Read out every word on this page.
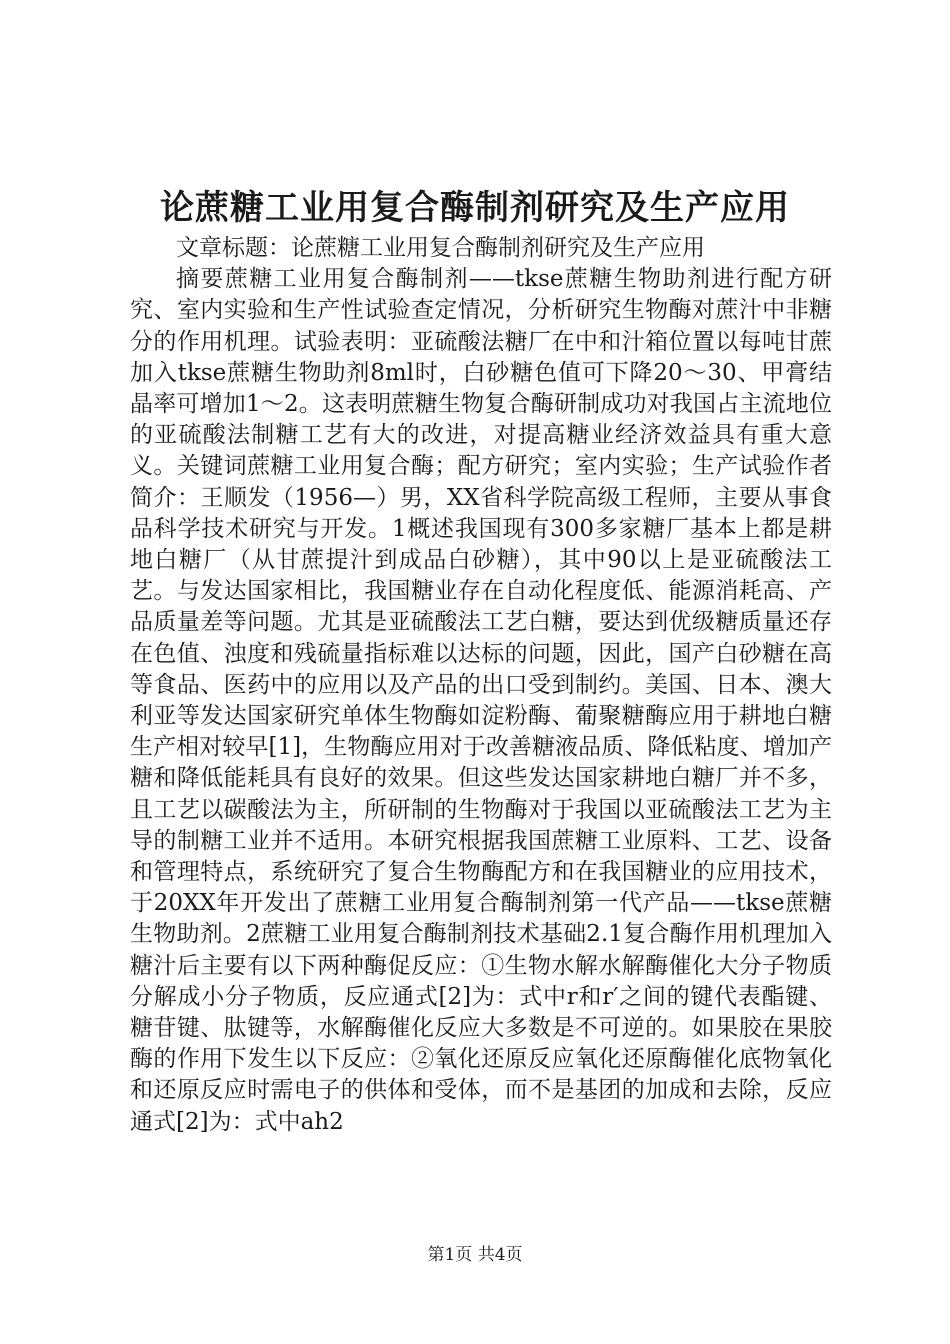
论蔗糖工业用复合酶制剂研究及生产应用

文章标题：论蔗糖工业用复合酶制剂研究及生产应用

摘要蔗糖工业用复合酶制剂——tkse蔗糖生物助剂进行配方研究、室内实验和生产性试验查定情况，分析研究生物酶对蔗汁中非糖分的作用机理。试验表明：亚硫酸法糖厂在中和汁箱位置以每吨甘蔗加入tkse蔗糖生物助剂8ml时，白砂糖色值可下降20～30、甲膏结晶率可增加1～2。这表明蔗糖生物复合酶研制成功对我国占主流地位的亚硫酸法制糖工艺有大的改进，对提高糖业经济效益具有重大意义。关键词蔗糖工业用复合酶；配方研究；室内实验；生产试验作者简介：王顺发（1956—）男，XX省科学院高级工程师，主要从事食品科学技术研究与开发。1概述我国现有300多家糖厂基本上都是耕地白糖厂（从甘蔗提汁到成品白砂糖），其中90以上是亚硫酸法工艺。与发达国家相比，我国糖业存在自动化程度低、能源消耗高、产品质量差等问题。尤其是亚硫酸法工艺白糖，要达到优级糖质量还存在色值、浊度和残硫量指标难以达标的问题，因此，国产白砂糖在高等食品、医药中的应用以及产品的出口受到制约。美国、日本、澳大利亚等发达国家研究单体生物酶如淀粉酶、葡聚糖酶应用于耕地白糖生产相对较早[1]，生物酶应用对于改善糖液品质、降低粘度、增加产糖和降低能耗具有良好的效果。但这些发达国家耕地白糖厂并不多，且工艺以碳酸法为主，所研制的生物酶对于我国以亚硫酸法工艺为主导的制糖工业并不适用。本研究根据我国蔗糖工业原料、工艺、设备和管理特点，系统研究了复合生物酶配方和在我国糖业的应用技术，于20XX年开发出了蔗糖工业用复合酶制剂第一代产品——tkse蔗糖生物助剂。2蔗糖工业用复合酶制剂技术基础2.1复合酶作用机理加入糖汁后主要有以下两种酶促反应：①生物水解水解酶催化大分子物质分解成小分子物质，反应通式[2]为：式中r和r′之间的键代表酯键、糖苷键、肽键等，水解酶催化反应大多数是不可逆的。如果胶在果胶酶的作用下发生以下反应：②氧化还原反应氧化还原酶催化底物氧化和还原反应时需电子的供体和受体，而不是基团的加成和去除，反应通式[2]为：式中ah2

第1页 共4页
